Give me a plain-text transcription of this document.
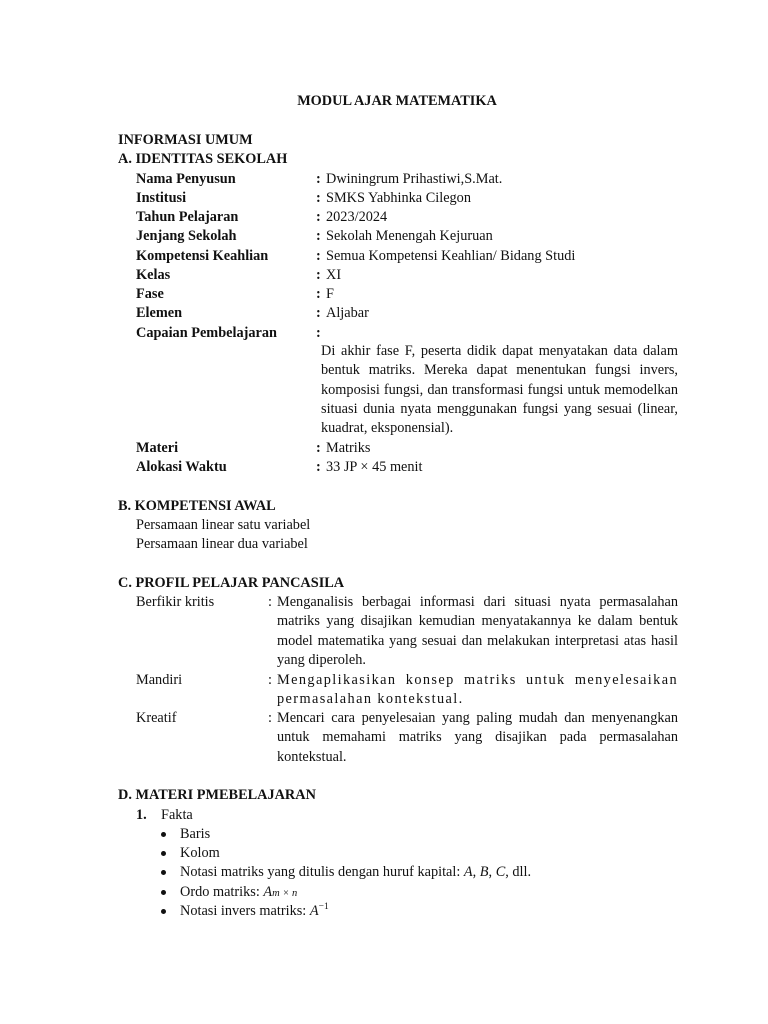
MODUL AJAR MATEMATIKA
INFORMASI UMUM
A. IDENTITAS SEKOLAH
Nama Penyusun	: Dwiningrum Prihastiwi,S.Mat.
Institusi	: SMKS Yabhinka Cilegon
Tahun Pelajaran	: 2023/2024
Jenjang Sekolah	: Sekolah Menengah Kejuruan
Kompetensi Keahlian	: Semua Kompetensi Keahlian/ Bidang Studi
Kelas	: XI
Fase	: F
Elemen	: Aljabar
Capaian Pembelajaran	:
Di akhir fase F, peserta didik dapat menyatakan data dalam bentuk matriks. Mereka dapat menentukan fungsi invers, komposisi fungsi, dan transformasi fungsi untuk memodelkan situasi dunia nyata menggunakan fungsi yang sesuai (linear, kuadrat, eksponensial).
Materi	: Matriks
Alokasi Waktu	: 33 JP × 45 menit
B. KOMPETENSI AWAL
Persamaan linear satu variabel
Persamaan linear dua variabel
C. PROFIL PELAJAR PANCASILA
Berfikir kritis	: Menganalisis berbagai informasi dari situasi nyata permasalahan matriks yang disajikan kemudian menyatakannya ke dalam bentuk model matematika yang sesuai dan melakukan interpretasi atas hasil yang diperoleh.
Mandiri	: Mengaplikasikan konsep matriks untuk menyelesaikan permasalahan kontekstual.
Kreatif	: Mencari cara penyelesaian yang paling mudah dan menyenangkan untuk memahami matriks yang disajikan pada permasalahan kontekstual.
D. MATERI PMEBELAJARAN
1. Fakta
Baris
Kolom
Notasi matriks yang ditulis dengan huruf kapital: A, B, C, dll.
Ordo matriks: Am × n
Notasi invers matriks: $A^{-1}$
